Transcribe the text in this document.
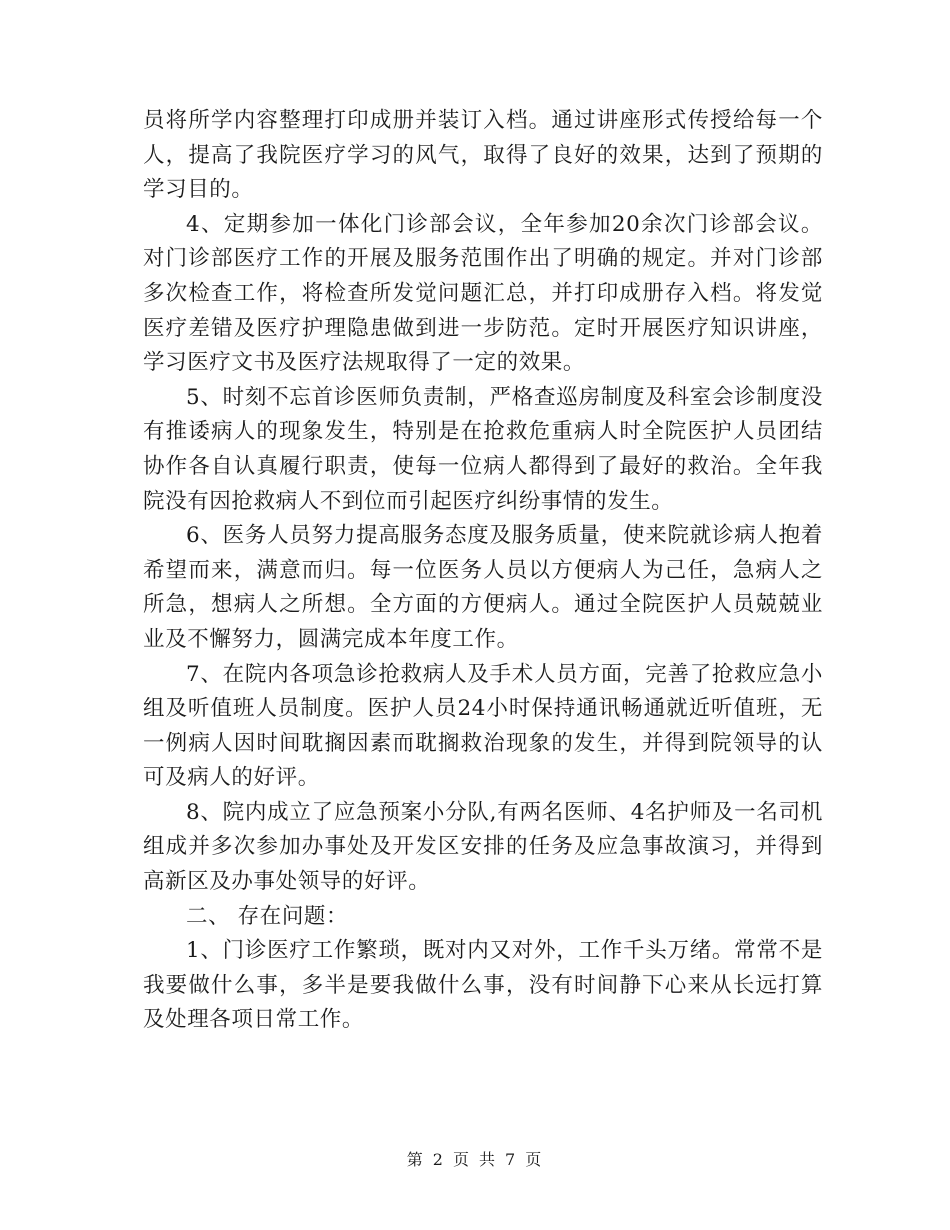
员将所学内容整理打印成册并装订入档。通过讲座形式传授给每一个人，提高了我院医疗学习的风气，取得了良好的效果，达到了预期的学习目的。

4、定期参加一体化门诊部会议，全年参加20余次门诊部会议。对门诊部医疗工作的开展及服务范围作出了明确的规定。并对门诊部多次检查工作，将检查所发觉问题汇总，并打印成册存入档。将发觉医疗差错及医疗护理隐患做到进一步防范。定时开展医疗知识讲座，学习医疗文书及医疗法规取得了一定的效果。

5、时刻不忘首诊医师负责制，严格查巡房制度及科室会诊制度没有推诿病人的现象发生，特别是在抢救危重病人时全院医护人员团结协作各自认真履行职责，使每一位病人都得到了最好的救治。全年我院没有因抢救病人不到位而引起医疗纠纷事情的发生。

6、医务人员努力提高服务态度及服务质量，使来院就诊病人抱着希望而来，满意而归。每一位医务人员以方便病人为己任，急病人之所急，想病人之所想。全方面的方便病人。通过全院医护人员兢兢业业及不懈努力，圆满完成本年度工作。

7、在院内各项急诊抢救病人及手术人员方面，完善了抢救应急小组及听值班人员制度。医护人员24小时保持通讯畅通就近听值班，无一例病人因时间耽搁因素而耽搁救治现象的发生，并得到院领导的认可及病人的好评。

8、院内成立了应急预案小分队,有两名医师、4名护师及一名司机组成并多次参加办事处及开发区安排的任务及应急事故演习，并得到高新区及办事处领导的好评。

二、 存在问题：

1、门诊医疗工作繁琐，既对内又对外，工作千头万绪。常常不是我要做什么事，多半是要我做什么事，没有时间静下心来从长远打算及处理各项日常工作。

第 2 页 共 7 页
